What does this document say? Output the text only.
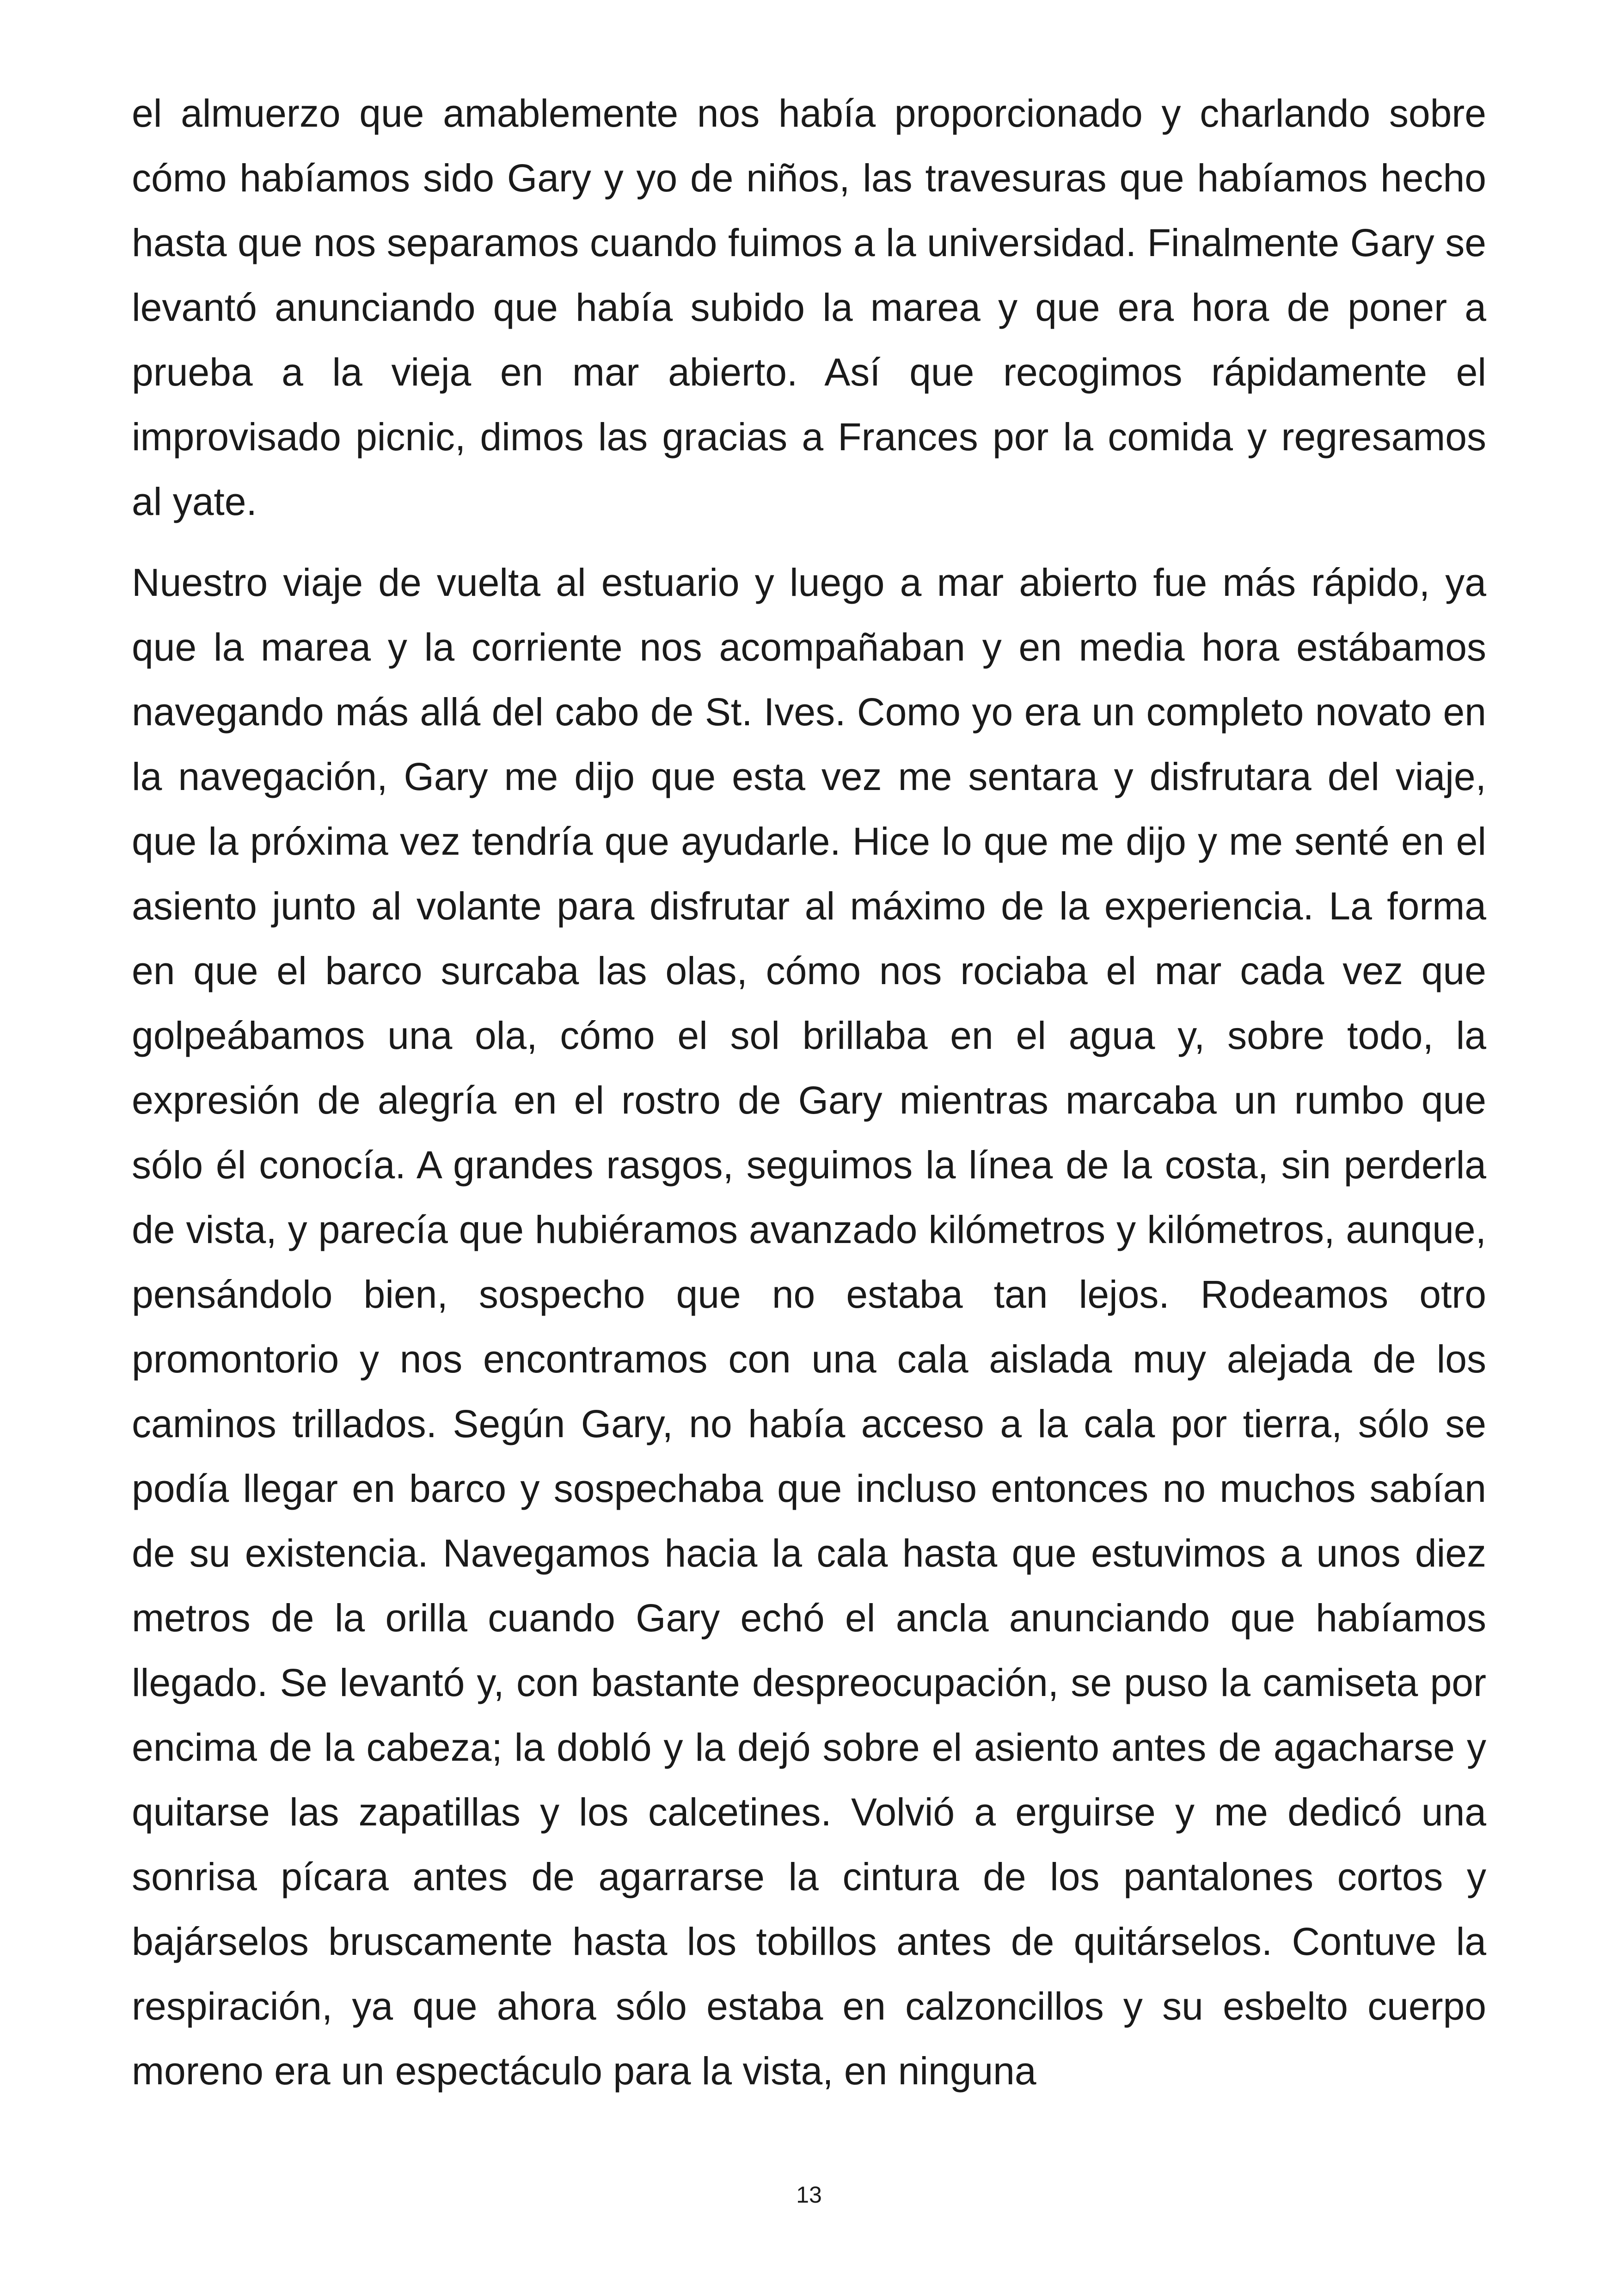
el almuerzo que amablemente nos había proporcionado y charlando sobre cómo habíamos sido Gary y yo de niños, las travesuras que habíamos hecho hasta que nos separamos cuando fuimos a la universidad. Finalmente Gary se levantó anunciando que había subido la marea y que era hora de poner a prueba a la vieja en mar abierto. Así que recogimos rápidamente el improvisado picnic, dimos las gracias a Frances por la comida y regresamos al yate.

Nuestro viaje de vuelta al estuario y luego a mar abierto fue más rápido, ya que la marea y la corriente nos acompañaban y en media hora estábamos navegando más allá del cabo de St. Ives. Como yo era un completo novato en la navegación, Gary me dijo que esta vez me sentara y disfrutara del viaje, que la próxima vez tendría que ayudarle. Hice lo que me dijo y me senté en el asiento junto al volante para disfrutar al máximo de la experiencia. La forma en que el barco surcaba las olas, cómo nos rociaba el mar cada vez que golpeábamos una ola, cómo el sol brillaba en el agua y, sobre todo, la expresión de alegría en el rostro de Gary mientras marcaba un rumbo que sólo él conocía. A grandes rasgos, seguimos la línea de la costa, sin perderla de vista, y parecía que hubiéramos avanzado kilómetros y kilómetros, aunque, pensándolo bien, sospecho que no estaba tan lejos. Rodeamos otro promontorio y nos encontramos con una cala aislada muy alejada de los caminos trillados. Según Gary, no había acceso a la cala por tierra, sólo se podía llegar en barco y sospechaba que incluso entonces no muchos sabían de su existencia. Navegamos hacia la cala hasta que estuvimos a unos diez metros de la orilla cuando Gary echó el ancla anunciando que habíamos llegado. Se levantó y, con bastante despreocupación, se puso la camiseta por encima de la cabeza; la dobló y la dejó sobre el asiento antes de agacharse y quitarse las zapatillas y los calcetines. Volvió a erguirse y me dedicó una sonrisa pícara antes de agarrarse la cintura de los pantalones cortos y bajárselos bruscamente hasta los tobillos antes de quitárselos. Contuve la respiración, ya que ahora sólo estaba en calzoncillos y su esbelto cuerpo moreno era un espectáculo para la vista, en ninguna

13
